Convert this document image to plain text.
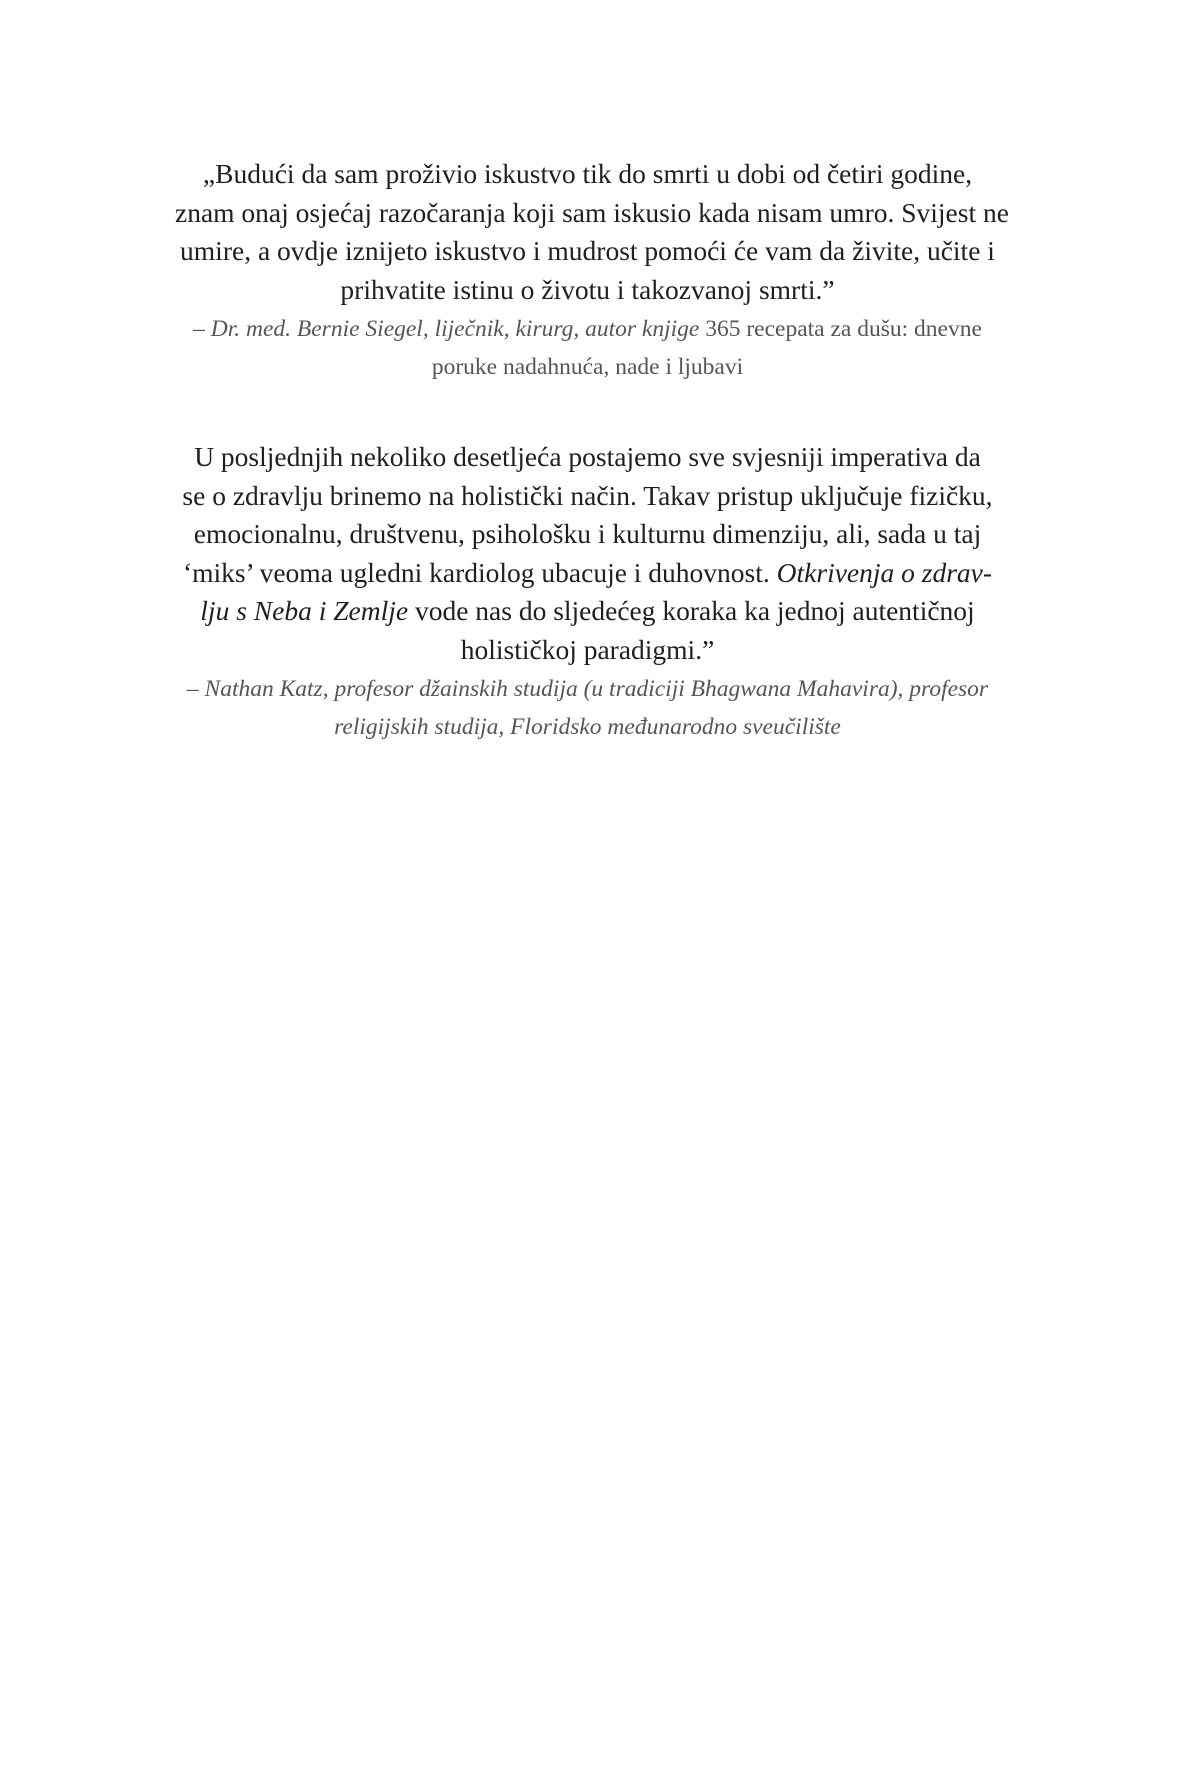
„Budući da sam proživio iskustvo tik do smrti u dobi od četiri godine,
znam onaj osjećaj razočaranja koji sam iskusio kada nisam umro. Svijest ne
umire, a ovdje iznijeto iskustvo i mudrost pomoći će vam da živite, učite i
prihvatite istinu o životu i takozvanoj smrti.”

– Dr. med. Bernie Siegel, liječnik, kirurg, autor knjige 365 recepata za dušu: dnevne
poruke nadahnuća, nade i ljubavi

U posljednjih nekoliko desetljeća postajemo sve svjesniji imperativa da
se o zdravlju brinemo na holistički način. Takav pristup uključuje fizičku,
emocionalnu, društvenu, psihološku i kulturnu dimenziju, ali, sada u taj
‘miks’ veoma ugledni kardiolog ubacuje i duhovnost. Otkrivenja o zdrav-
lju s Neba i Zemlje vode nas do sljedećeg koraka ka jednoj autentičnoj
holističkoj paradigmi.”

– Nathan Katz, profesor džainskih studija (u tradiciji Bhagwana Mahavira), profesor
religijskih studija, Floridsko međunarodno sveučilište
